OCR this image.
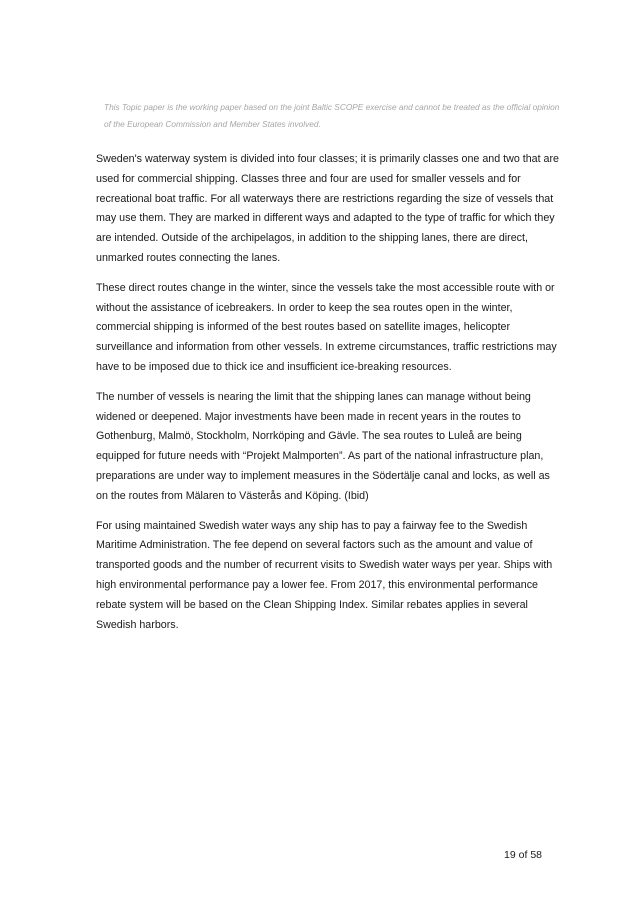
This Topic paper is the working paper based on the joint Baltic SCOPE exercise and cannot be treated as the official opinion of the European Commission and Member States involved.

Sweden's waterway system is divided into four classes; it is primarily classes one and two that are used for commercial shipping. Classes three and four are used for smaller vessels and for recreational boat traffic. For all waterways there are restrictions regarding the size of vessels that may use them. They are marked in different ways and adapted to the type of traffic for which they are intended. Outside of the archipelagos, in addition to the shipping lanes, there are direct, unmarked routes connecting the lanes.

These direct routes change in the winter, since the vessels take the most accessible route with or without the assistance of icebreakers. In order to keep the sea routes open in the winter, commercial shipping is informed of the best routes based on satellite images, helicopter surveillance and information from other vessels. In extreme circumstances, traffic restrictions may have to be imposed due to thick ice and insufficient ice-breaking resources.

The number of vessels is nearing the limit that the shipping lanes can manage without being widened or deepened. Major investments have been made in recent years in the routes to Gothenburg, Malmö, Stockholm, Norrköping and Gävle. The sea routes to Luleå are being equipped for future needs with “Projekt Malmporten”. As part of the national infrastructure plan, preparations are under way to implement measures in the Södertälje canal and locks, as well as on the routes from Mälaren to Västerås and Köping. (Ibid)

For using maintained Swedish water ways any ship has to pay a fairway fee to the Swedish Maritime Administration. The fee depend on several factors such as the amount and value of transported goods and the number of recurrent visits to Swedish water ways per year. Ships with high environmental performance pay a lower fee. From 2017, this environmental performance rebate system will be based on the Clean Shipping Index. Similar rebates applies in several Swedish harbors.

19 of 58
